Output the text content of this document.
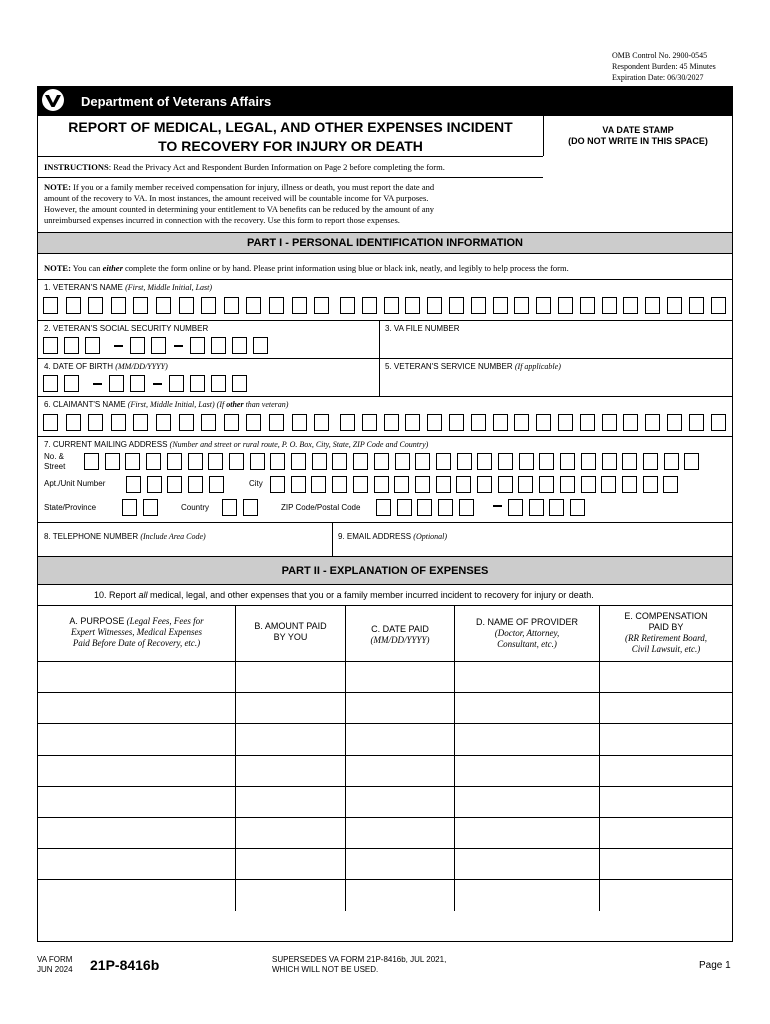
OMB Control No. 2900-0545
Respondent Burden: 45 Minutes
Expiration Date: 06/30/2027
Department of Veterans Affairs
REPORT OF MEDICAL, LEGAL, AND OTHER EXPENSES INCIDENT
TO RECOVERY FOR INJURY OR DEATH
VA DATE STAMP
(DO NOT WRITE IN THIS SPACE)
INSTRUCTIONS: Read the Privacy Act and Respondent Burden Information on Page 2 before completing the form.
NOTE: If you or a family member received compensation for injury, illness or death, you must report the date and
amount of the recovery to VA. In most instances, the amount received will be countable income for VA purposes.
However, the amount counted in determining your entitlement to VA benefits can be reduced by the amount of any
unreimbursed expenses incurred in connection with the recovery. Use this form to report those expenses.
PART I - PERSONAL IDENTIFICATION INFORMATION
NOTE: You can either complete the form online or by hand. Please print information using blue or black ink, neatly, and legibly to help process the form.
1. VETERAN'S NAME (First, Middle Initial, Last)
2. VETERAN'S SOCIAL SECURITY NUMBER	3. VA FILE NUMBER
4. DATE OF BIRTH (MM/DD/YYYY)	5. VETERAN'S SERVICE NUMBER (If applicable)
6. CLAIMANT'S NAME (First, Middle Initial, Last) (If other than veteran)
7. CURRENT MAILING ADDRESS (Number and street or rural route, P. O. Box, City, State, ZIP Code and Country)
No. &
Street
Apt./Unit Number	City
State/Province	Country	ZIP Code/Postal Code
8. TELEPHONE NUMBER (Include Area Code)	9. EMAIL ADDRESS (Optional)
PART II - EXPLANATION OF EXPENSES
10. Report all medical, legal, and other expenses that you or a family member incurred incident to recovery for injury or death.
A. PURPOSE (Legal Fees, Fees for
Expert Witnesses, Medical Expenses
Paid Before Date of Recovery, etc.)
B. AMOUNT PAID
BY YOU
C. DATE PAID
(MM/DD/YYYY)
D. NAME OF PROVIDER
(Doctor, Attorney,
Consultant, etc.)
E. COMPENSATION
PAID BY
(RR Retirement Board,
Civil Lawsuit, etc.)
VA FORM
JUN 2024 21P-8416b	SUPERSEDES VA FORM 21P-8416b, JUL 2021,
WHICH WILL NOT BE USED.	Page 1
